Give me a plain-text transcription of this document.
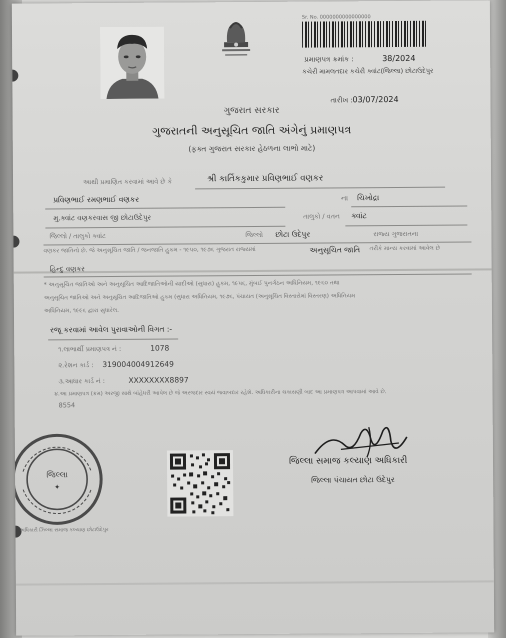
Sr. No. 0000000000000000
પ્રમાણપત્ર ક્રમાંક :	38/2024
કચેરી મામલતદાર કચેરી ક્વાંટ(જિલ્લા) છોટાઉદેપુર
તારીખ : 03/07/2024
ગુજરાત સરકાર
ગુજરાતની અનુસૂચિત જાતિ અંગેનું પ્રમાણપત્ર
(ફક્ત ગુજરાત સરકાર હેઠળના લાભો માટે)
આથી પ્રમાણિત કરવામાં આવે છે કે	શ્રી કાર્તિકકુમાર પ્રવિણભાઈ વણકર
પ્રવિણભાઈ રમણભાઈ વણકર	ના ચિખોદ્રા
મુ.ક્વાંટ વણકરવાસ જી છોટાઉદેપુર	તાલુકો / વતન ક્વાંટ
જિલ્લો / તાલુકો ક્વાંટ	જિલ્લો છોટા ઉદેપુર	રાજ્ય ગુજરાતના
વણકર જાતિનો છે. જે અનુસૂચિત જાતિ / જનજાતિ હુકમ - ૧૯૫૦, ૧૯૭૬ ગુજરાત રાજ્યમાં	અનુસૂચિત જાતિ તરીકે માન્ય કરવામાં આવેલ છે
હિન્દુ વણકર
* અનુસૂચિત જાતિઓ અને અનુસૂચિત આદિજાતિઓની યાદીઓ (સુધારા) હુકમ, ૧૯૫૬, મુંબઈ પુનર્ગઠન અધિનિયમ, ૧૯૬૦ તથા
અનુસૂચિત જાતિઓ અને અનુસૂચિત આદિજાતિઓ હુકમ (સુધારા અધિનિયમ, ૧૯૭૬, પંચાયત (અનુસૂચિત વિસ્તારોમાં વિસ્તરણ) અધિનિયમ
અધિનિયમ, ૧૯૯૬ દ્વારા સુધારેલ.
રજૂ કરવામાં આવેલ પુરાવાઓની વિગત :-
૧.લાભાર્થી પ્રમાણપત્ર નં :	1078
૨.રેશન કાર્ડ : 319004004912649
૩.આધાર કાર્ડ નં :	XXXXXXXX8897
૪.આ પ્રમાણપત્ર (ક્રમ) અરજી સાથે બાંહેધરી આપેલ છે જે અરજદાર સ્વયં જવાબદાર રહેશે. અધિકારીના ચકાસણી બાદ આ પ્રમાણપત્ર આપવામાં આવે છે.
8554
જિલ્લા
✦
અધિકારી ઝિલ્લા સમાજ કલ્યાણ છોટાઉદેપુર
જિલ્લા સમાજ કલ્યાણ અધિકારી
જિલ્લા પંચાયત છોટા ઉદેપુર
